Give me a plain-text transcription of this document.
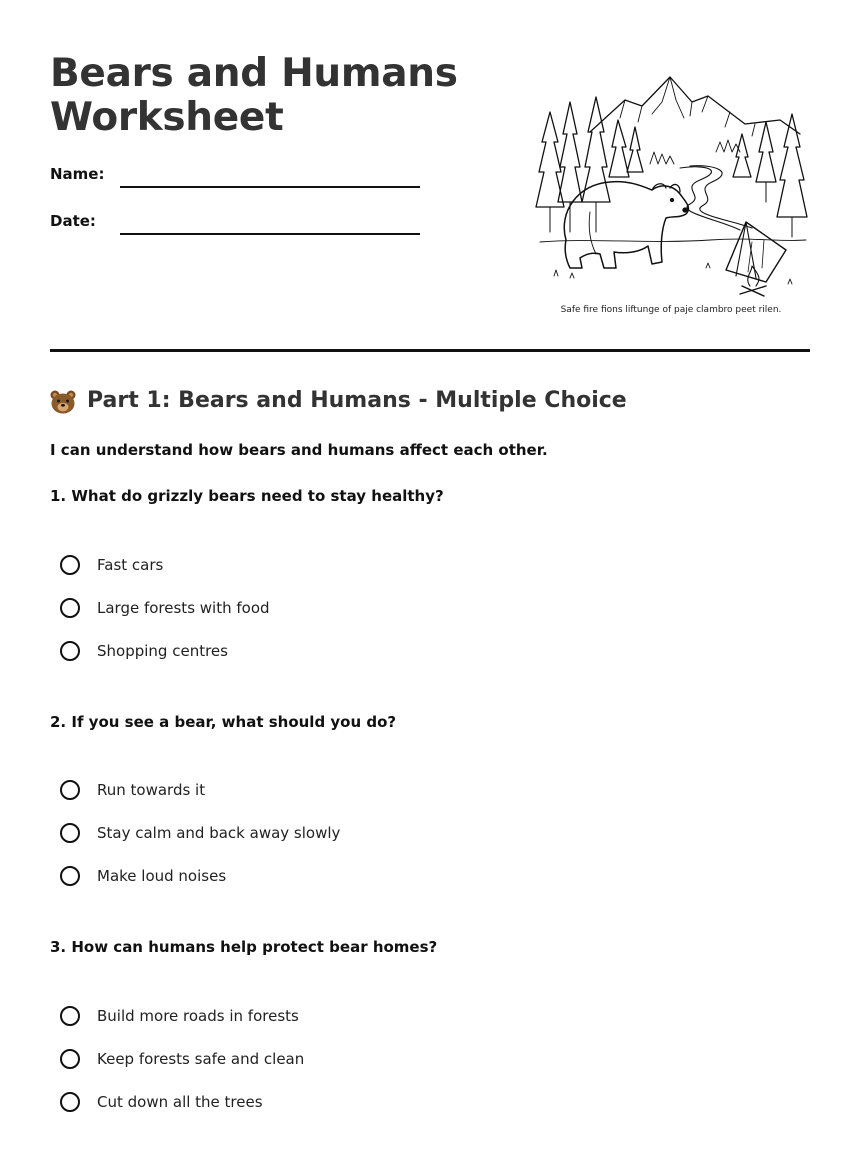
Bears and Humans
Worksheet
Name:
Date:
Safe fire fions liftunge of paje clambro peet rilen.
Part 1: Bears and Humans - Multiple Choice
I can understand how bears and humans affect each other.
1. What do grizzly bears need to stay healthy?
Fast cars
Large forests with food
Shopping centres
2. If you see a bear, what should you do?
Run towards it
Stay calm and back away slowly
Make loud noises
3. How can humans help protect bear homes?
Build more roads in forests
Keep forests safe and clean
Cut down all the trees
